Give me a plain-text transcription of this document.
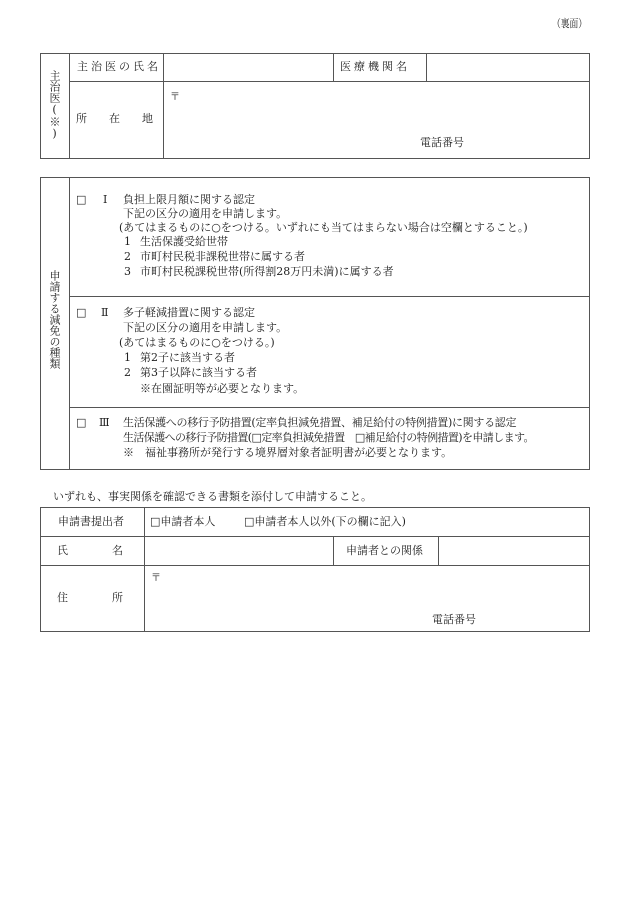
（裏面）
主治医(※)
主治医の氏名	医療機関名
所　　在　　地
〒
電話番号
申請する減免の種類
□ Ⅰ 負担上限月額に関する認定
下記の区分の適用を申請します。
(あてはまるものに○をつける。いずれにも当てはまらない場合は空欄とすること。)
1 生活保護受給世帯
2 市町村民税非課税世帯に属する者
3 市町村民税課税世帯(所得割28万円未満)に属する者
□ Ⅱ 多子軽減措置に関する認定
下記の区分の適用を申請します。
(あてはまるものに○をつける。)
1 第2子に該当する者
2 第3子以降に該当する者
※在園証明等が必要となります。
□ Ⅲ 生活保護への移行予防措置(定率負担減免措置、補足給付の特例措置)に関する認定
生活保護への移行予防措置(□定率負担減免措置　□補足給付の特例措置)を申請します。
※　福祉事務所が発行する境界層対象者証明書が必要となります。
いずれも、事実関係を確認できる書類を添付して申請すること。
申請書提出者 □申請者本人	□申請者本人以外(下の欄に記入)
氏　　　　名	申請者との関係
住　　　　所
〒
電話番号
